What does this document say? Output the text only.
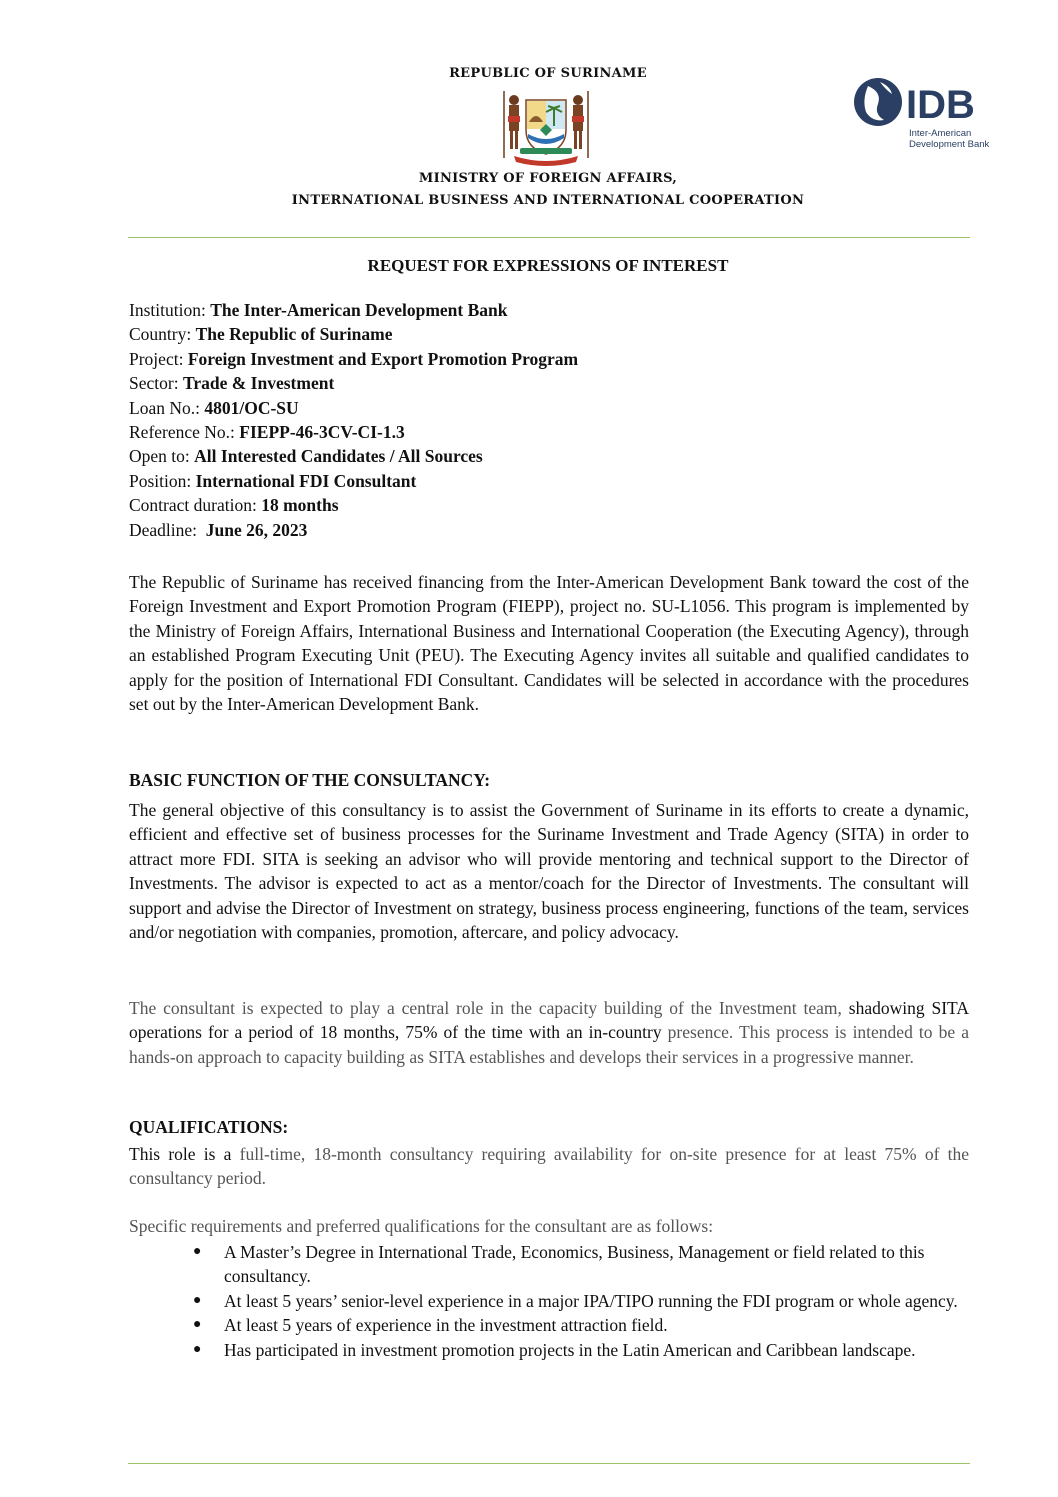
REPUBLIC OF SURINAME
IDB
Inter-American
Development Bank
MINISTRY OF FOREIGN AFFAIRS,
INTERNATIONAL BUSINESS AND INTERNATIONAL COOPERATION
REQUEST FOR EXPRESSIONS OF INTEREST
Institution: The Inter-American Development Bank
Country: The Republic of Suriname
Project: Foreign Investment and Export Promotion Program
Sector: Trade & Investment
Loan No.: 4801/OC-SU
Reference No.: FIEPP-46-3CV-CI-1.3
Open to: All Interested Candidates / All Sources
Position: International FDI Consultant
Contract duration: 18 months
Deadline:  June 26, 2023
The Republic of Suriname has received financing from the Inter-American Development Bank toward the cost of the Foreign Investment and Export Promotion Program (FIEPP), project no. SU-L1056. This program is implemented by the Ministry of Foreign Affairs, International Business and International Cooperation (the Executing Agency), through an established Program Executing Unit (PEU). The Executing Agency invites all suitable and qualified candidates to apply for the position of International FDI Consultant. Candidates will be selected in accordance with the procedures set out by the Inter-American Development Bank.
BASIC FUNCTION OF THE CONSULTANCY:
The general objective of this consultancy is to assist the Government of Suriname in its efforts to create a dynamic, efficient and effective set of business processes for the Suriname Investment and Trade Agency (SITA) in order to attract more FDI. SITA is seeking an advisor who will provide mentoring and technical support to the Director of Investments. The advisor is expected to act as a mentor/coach for the Director of Investments. The consultant will support and advise the Director of Investment on strategy, business process engineering, functions of the team, services and/or negotiation with companies, promotion, aftercare, and policy advocacy.
The consultant is expected to play a central role in the capacity building of the Investment team, shadowing SITA operations for a period of 18 months, 75% of the time with an in-country presence. This process is intended to be a hands-on approach to capacity building as SITA establishes and develops their services in a progressive manner.
QUALIFICATIONS:
This role is a full-time, 18-month consultancy requiring availability for on-site presence for at least 75% of the consultancy period.
Specific requirements and preferred qualifications for the consultant are as follows:
● A Master’s Degree in International Trade, Economics, Business, Management or field related to this consultancy.
● At least 5 years’ senior-level experience in a major IPA/TIPO running the FDI program or whole agency.
● At least 5 years of experience in the investment attraction field.
● Has participated in investment promotion projects in the Latin American and Caribbean landscape.
